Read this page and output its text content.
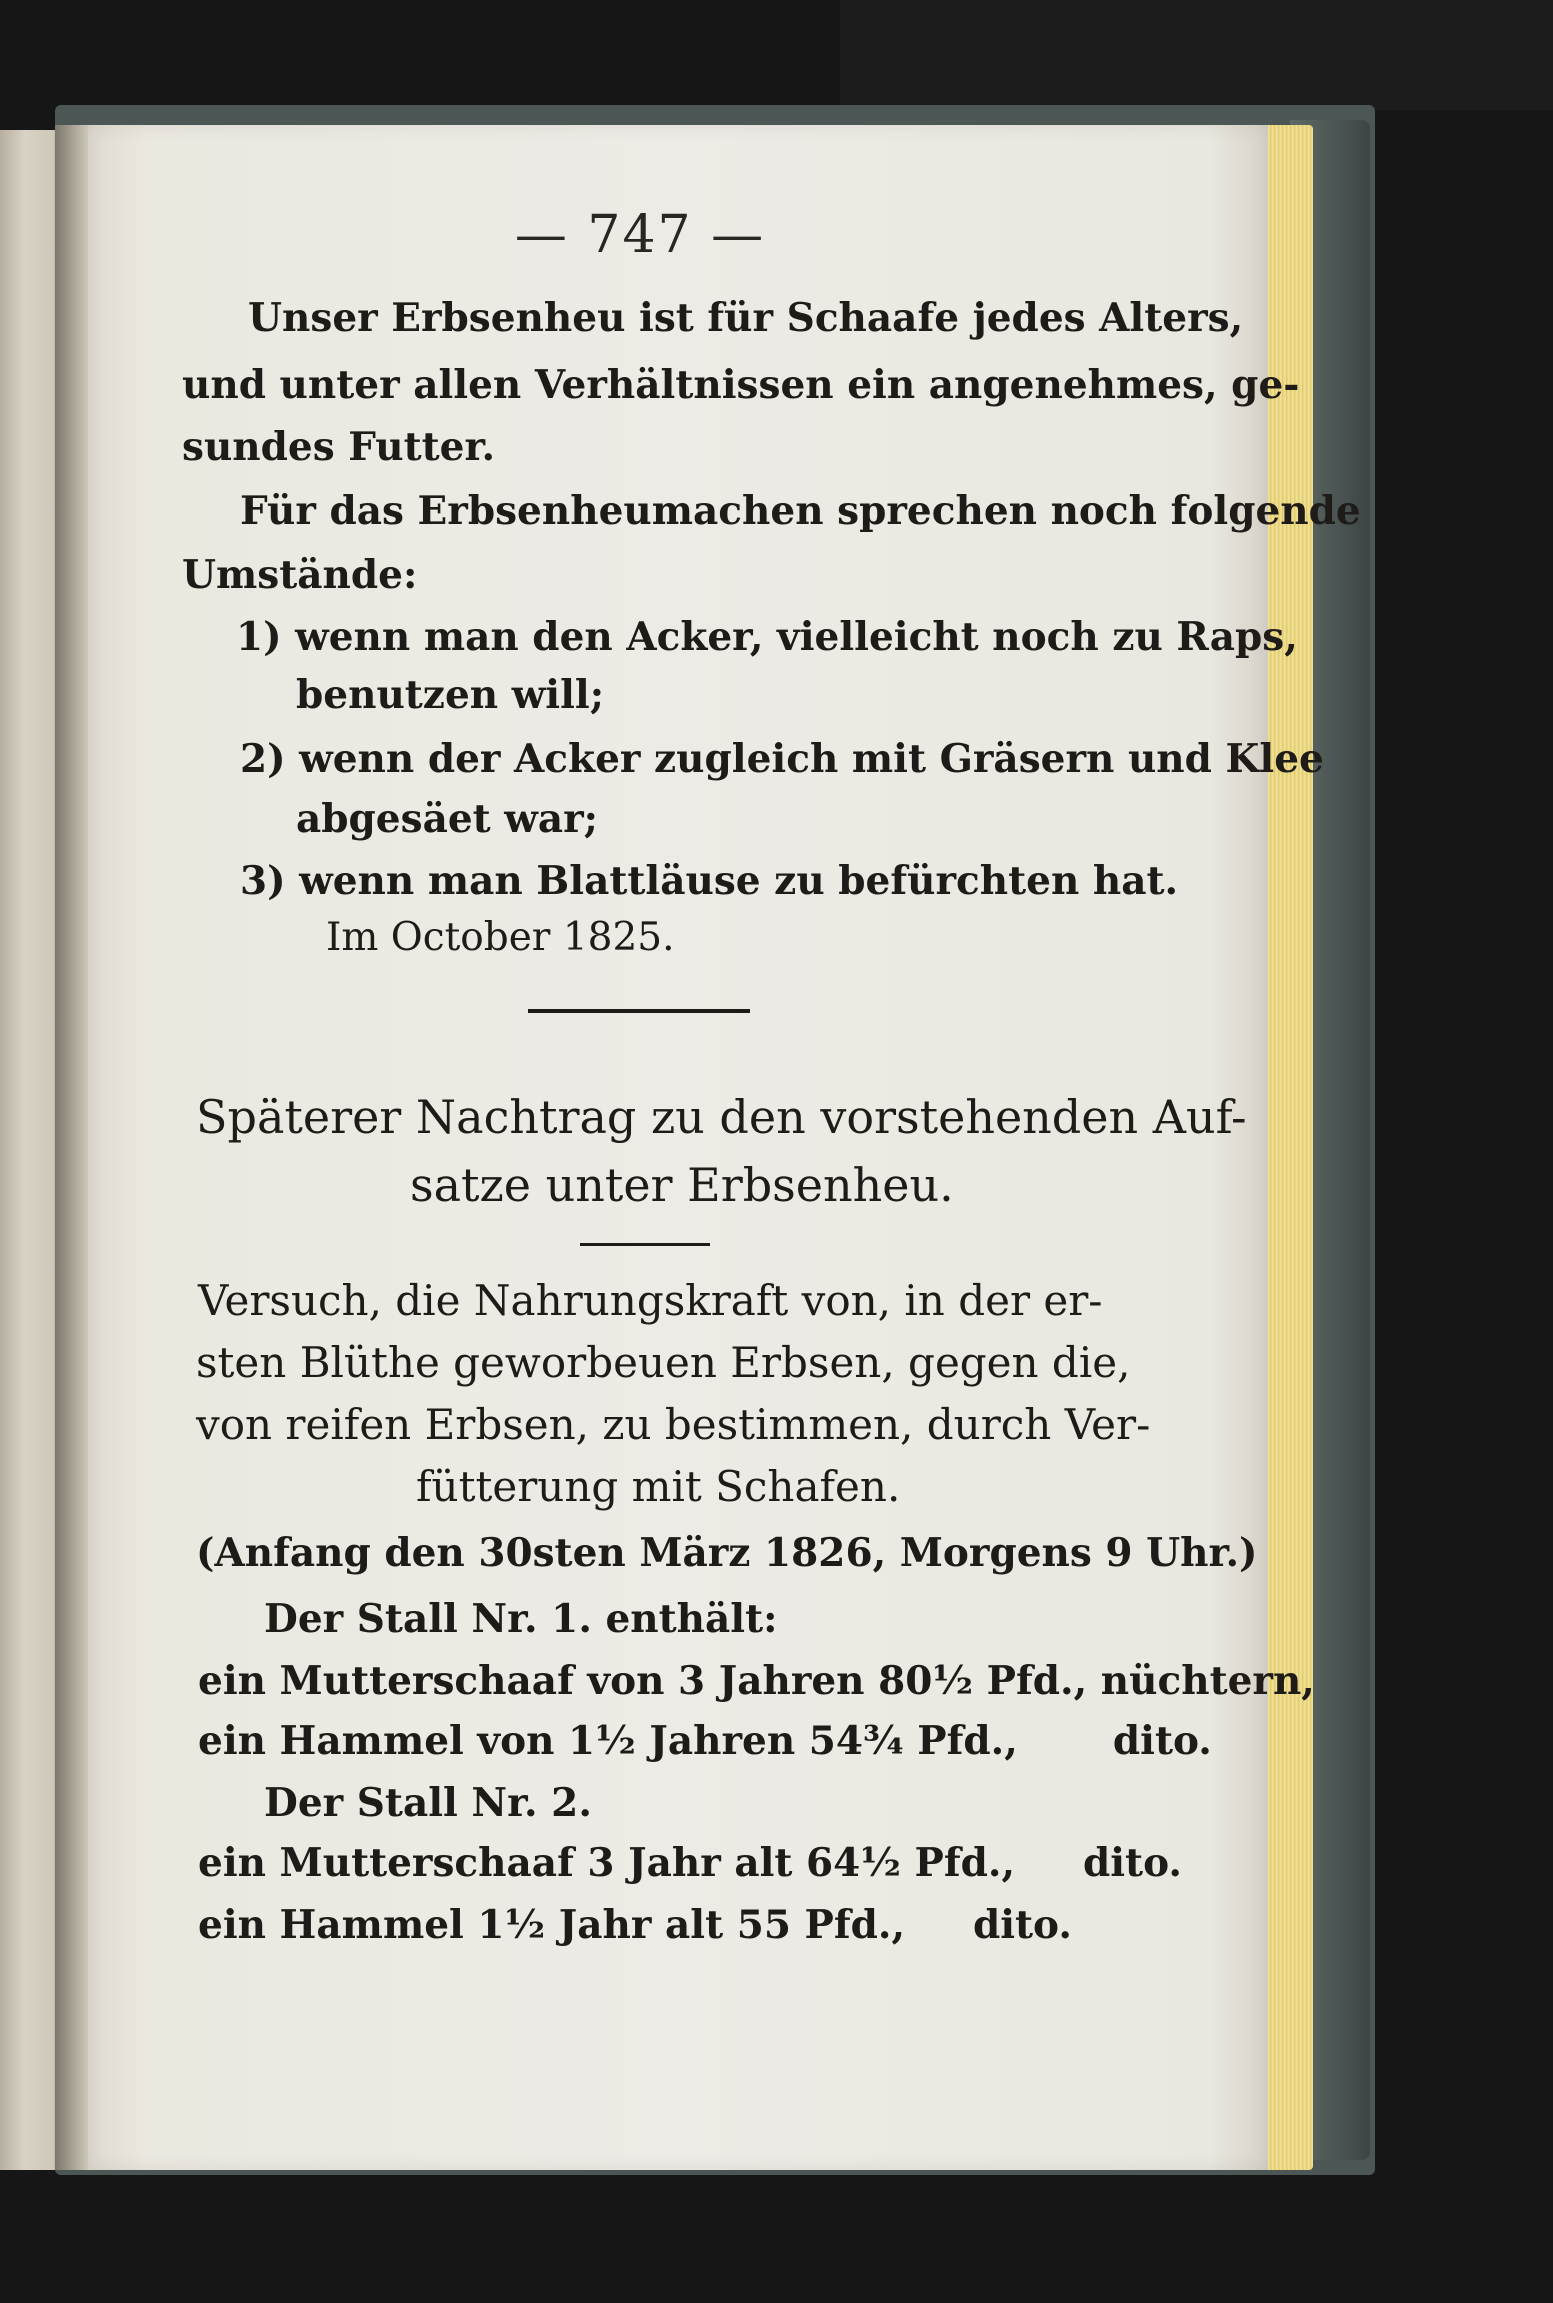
— 747 —
Unser Erbsenheu ist für Schaafe jedes Alters,
und unter allen Verhältnissen ein angenehmes, ge-
sundes Futter.
Für das Erbsenheumachen sprechen noch folgende
Umstände:
1) wenn man den Acker, vielleicht noch zu Raps,
benutzen will;
2) wenn der Acker zugleich mit Gräsern und Klee
abgesäet war;
3) wenn man Blattläuse zu befürchten hat.
Im October 1825.
Späterer Nachtrag zu den vorstehenden Auf-
satze unter Erbsenheu.
Versuch, die Nahrungskraft von, in der er-
sten Blüthe geworbeuen Erbsen, gegen die,
von reifen Erbsen, zu bestimmen, durch Ver-
fütterung mit Schafen.
(Anfang den 30sten März 1826, Morgens 9 Uhr.)
Der Stall Nr. 1. enthält:
ein Mutterschaaf von 3 Jahren 80½ Pfd., nüchtern,
ein Hammel von 1½ Jahren 54¾ Pfd.,       dito.
Der Stall Nr. 2.
ein Mutterschaaf 3 Jahr alt 64½ Pfd.,     dito.
ein Hammel 1½ Jahr alt 55 Pfd.,     dito.
